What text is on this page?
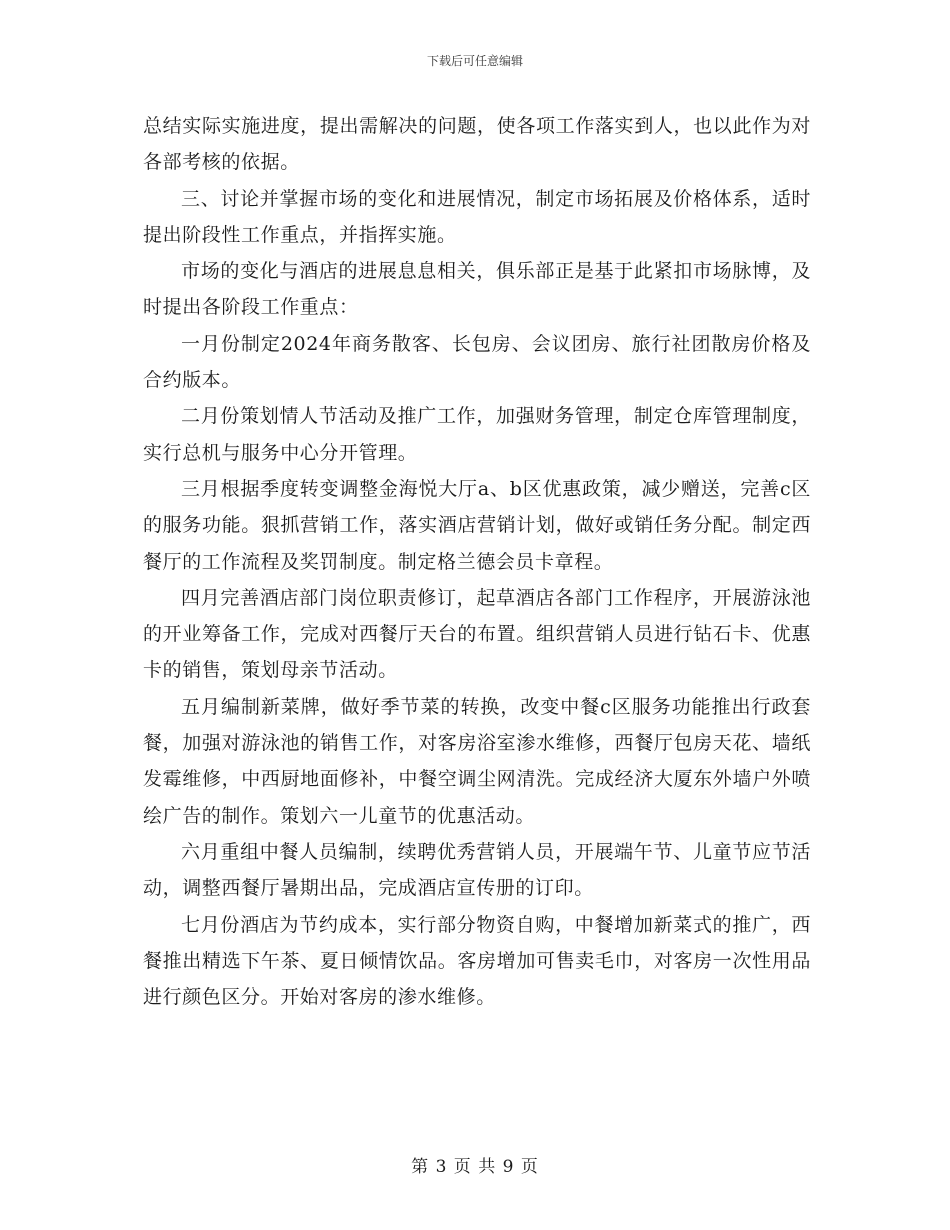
下载后可任意编辑

总结实际实施进度，提出需解决的问题，使各项工作落实到人，也以此作为对各部考核的依据。

三、讨论并掌握市场的变化和进展情况，制定市场拓展及价格体系，适时提出阶段性工作重点，并指挥实施。

市场的变化与酒店的进展息息相关，俱乐部正是基于此紧扣市场脉博，及时提出各阶段工作重点：

一月份制定2024年商务散客、长包房、会议团房、旅行社团散房价格及合约版本。

二月份策划情人节活动及推广工作，加强财务管理，制定仓库管理制度，实行总机与服务中心分开管理。

三月根据季度转变调整金海悦大厅a、b区优惠政策，减少赠送，完善c区的服务功能。狠抓营销工作，落实酒店营销计划，做好或销任务分配。制定西餐厅的工作流程及奖罚制度。制定格兰德会员卡章程。

四月完善酒店部门岗位职责修订，起草酒店各部门工作程序，开展游泳池的开业筹备工作，完成对西餐厅天台的布置。组织营销人员进行钻石卡、优惠卡的销售，策划母亲节活动。

五月编制新菜牌，做好季节菜的转换，改变中餐c区服务功能推出行政套餐，加强对游泳池的销售工作，对客房浴室渗水维修，西餐厅包房天花、墙纸发霉维修，中西厨地面修补，中餐空调尘网清洗。完成经济大厦东外墙户外喷绘广告的制作。策划六一儿童节的优惠活动。

六月重组中餐人员编制，续聘优秀营销人员，开展端午节、儿童节应节活动，调整西餐厅暑期出品，完成酒店宣传册的订印。

七月份酒店为节约成本，实行部分物资自购，中餐增加新菜式的推广，西餐推出精选下午茶、夏日倾情饮品。客房增加可售卖毛巾，对客房一次性用品进行颜色区分。开始对客房的渗水维修。

第 3 页 共 9 页
